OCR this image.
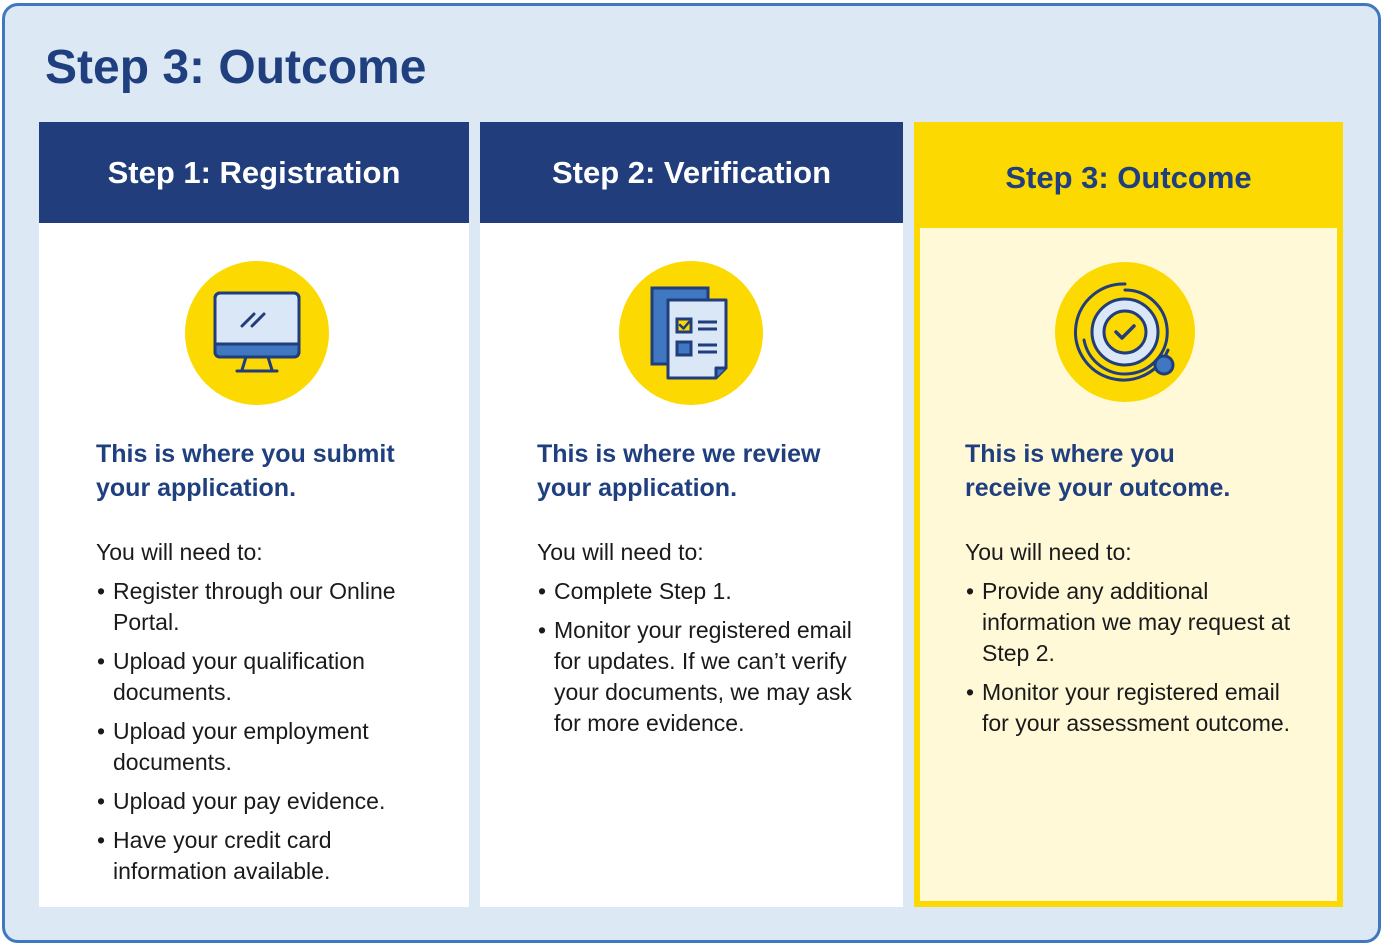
Step 3: Outcome
Step 1: Registration
This is where you submit your application.

You will need to:

• Register through our Online Portal.
• Upload your qualification documents.
• Upload your employment documents.
• Upload your pay evidence.
• Have your credit card information available.
Step 2: Verification
This is where we review your application.

You will need to:

• Complete Step 1.
• Monitor your registered email for updates. If we can’t verify your documents, we may ask for more evidence.
Step 3: Outcome
This is where you receive your outcome.

You will need to:

• Provide any additional information we may request at Step 2.
• Monitor your registered email for your assessment outcome.
